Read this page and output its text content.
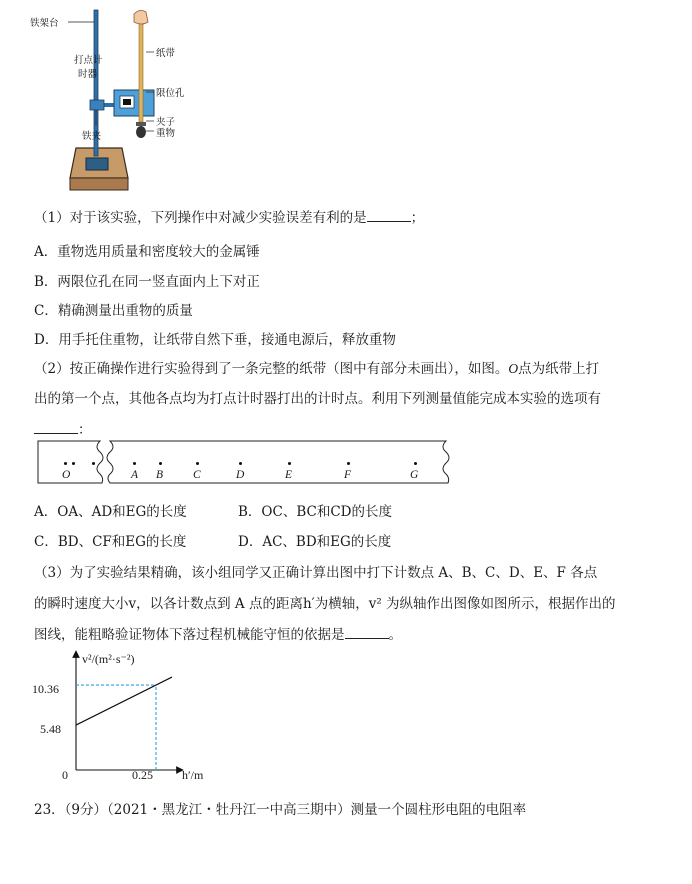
铁架台
打点计
时器
纸带
限位孔
夹子
重物
铁夹
（1）对于该实验，下列操作中对减少实验误差有利的是	；
A．重物选用质量和密度较大的金属锤
B．两限位孔在同一竖直面内上下对正
C．精确测量出重物的质量
D．用手托住重物，让纸带自然下垂，接通电源后，释放重物
（2）按正确操作进行实验得到了一条完整的纸带（图中有部分未画出），如图。O点为纸带上打
出的第一个点，其他各点均为打点计时器打出的计时点。利用下列测量值能完成本实验的选项有
：
O	A B	C	D	E	F	G
A．OA、AD和EG的长度	B．OC、BC和CD的长度
C．BD、CF和EG的长度	D．AC、BD和EG的长度
（3）为了实验结果精确，该小组同学又正确计算出图中打下计数点 A、B、C、D、E、F 各点
的瞬时速度大小v，以各计数点到 A 点的距离h′为横轴，v² 为纵轴作出图像如图所示，根据作出的
图线，能粗略验证物体下落过程机械能守恒的依据是	。
v²/(m²·s⁻²)
h′/m
0
10.36
5.48
0.25
23．（9分）（2021・黑龙江・牡丹江一中高三期中）测量一个圆柱形电阻的电阻率
